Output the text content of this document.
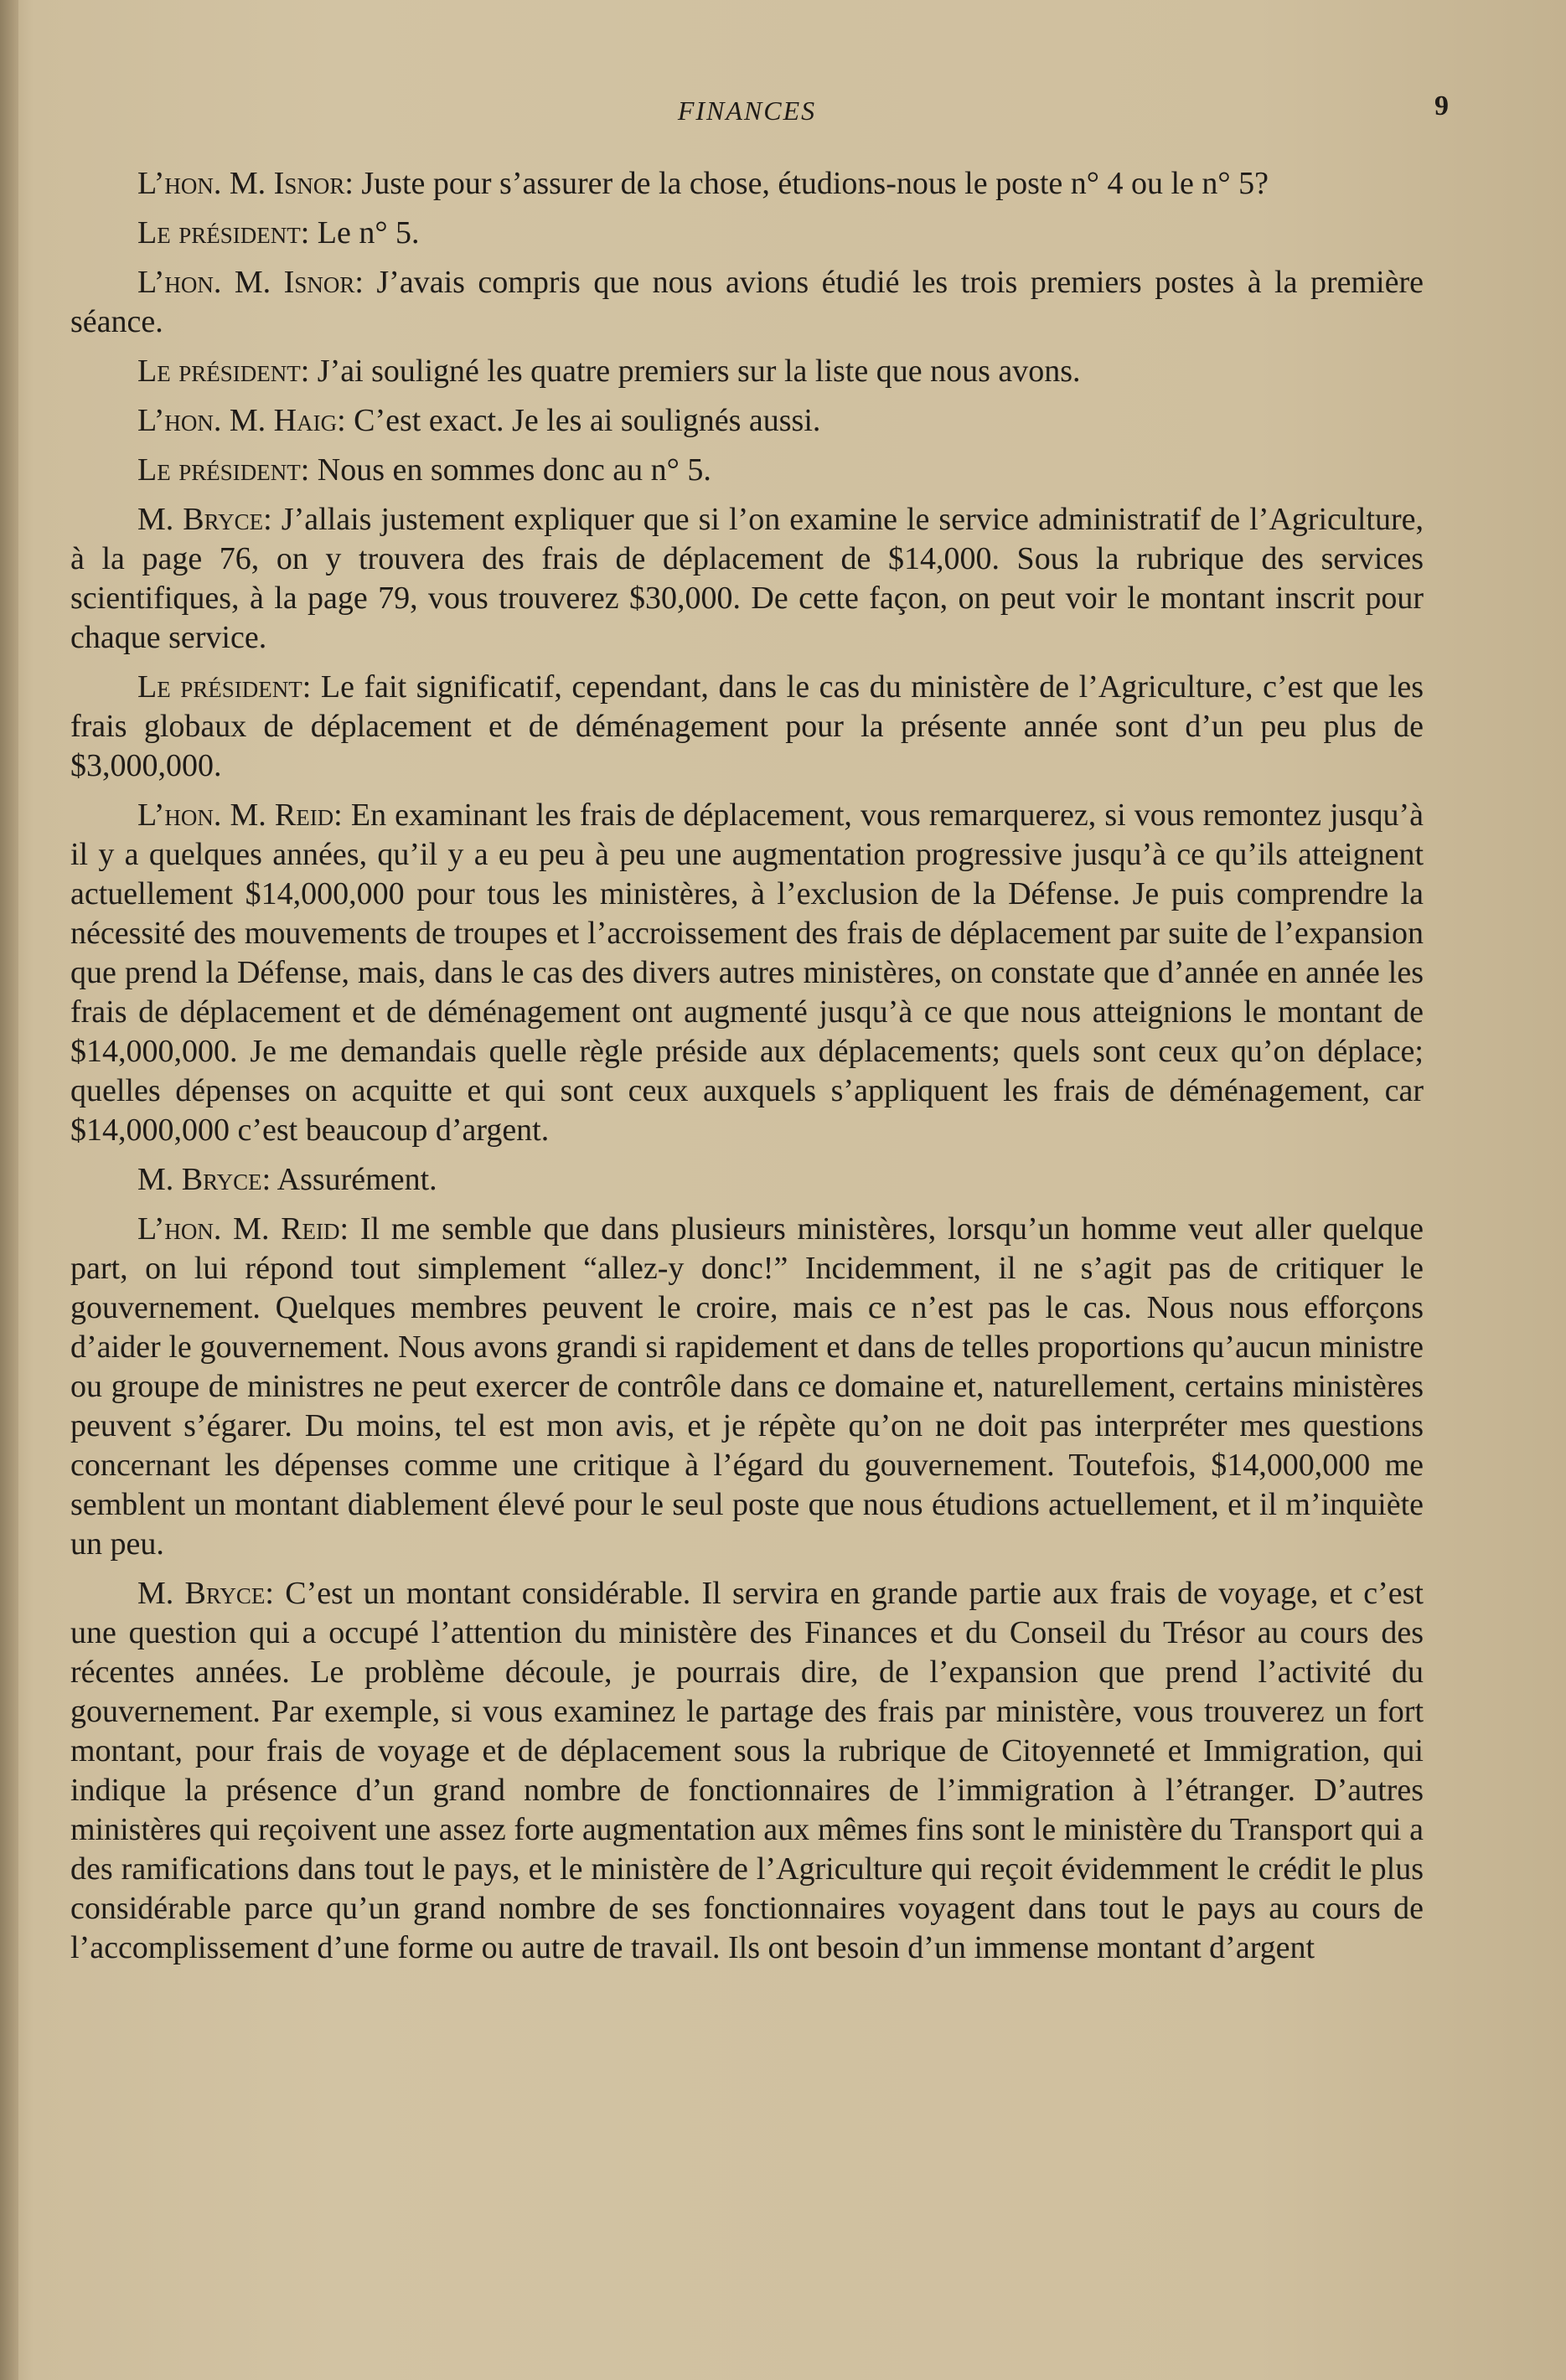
FINANCES	9

L’hon. M. Isnor: Juste pour s’assurer de la chose, étudions-nous le poste n° 4 ou le n° 5?

Le président: Le n° 5.

L’hon. M. Isnor: J’avais compris que nous avions étudié les trois premiers postes à la première séance.

Le président: J’ai souligné les quatre premiers sur la liste que nous avons.

L’hon. M. Haig: C’est exact. Je les ai soulignés aussi.

Le président: Nous en sommes donc au n° 5.

M. Bryce: J’allais justement expliquer que si l’on examine le service administratif de l’Agriculture, à la page 76, on y trouvera des frais de déplacement de $14,000. Sous la rubrique des services scientifiques, à la page 79, vous trouverez $30,000. De cette façon, on peut voir le montant inscrit pour chaque service.

Le président: Le fait significatif, cependant, dans le cas du ministère de l’Agriculture, c’est que les frais globaux de déplacement et de déménagement pour la présente année sont d’un peu plus de $3,000,000.

L’hon. M. Reid: En examinant les frais de déplacement, vous remarquerez, si vous remontez jusqu’à il y a quelques années, qu’il y a eu peu à peu une augmentation progressive jusqu’à ce qu’ils atteignent actuellement $14,000,000 pour tous les ministères, à l’exclusion de la Défense. Je puis comprendre la nécessité des mouvements de troupes et l’accroissement des frais de déplacement par suite de l’expansion que prend la Défense, mais, dans le cas des divers autres ministères, on constate que d’année en année les frais de déplacement et de déménagement ont augmenté jusqu’à ce que nous atteignions le montant de $14,000,000. Je me demandais quelle règle préside aux déplacements; quels sont ceux qu’on déplace; quelles dépenses on acquitte et qui sont ceux auxquels s’appliquent les frais de déménagement, car $14,000,000 c’est beaucoup d’argent.

M. Bryce: Assurément.

L’hon. M. Reid: Il me semble que dans plusieurs ministères, lorsqu’un homme veut aller quelque part, on lui répond tout simplement “allez-y donc!” Incidemment, il ne s’agit pas de critiquer le gouvernement. Quelques membres peuvent le croire, mais ce n’est pas le cas. Nous nous efforçons d’aider le gouvernement. Nous avons grandi si rapidement et dans de telles proportions qu’aucun ministre ou groupe de ministres ne peut exercer de contrôle dans ce domaine et, naturellement, certains ministères peuvent s’égarer. Du moins, tel est mon avis, et je répète qu’on ne doit pas interpréter mes questions concernant les dépenses comme une critique à l’égard du gouvernement. Toutefois, $14,000,000 me semblent un montant diablement élevé pour le seul poste que nous étudions actuellement, et il m’inquiète un peu.

M. Bryce: C’est un montant considérable. Il servira en grande partie aux frais de voyage, et c’est une question qui a occupé l’attention du ministère des Finances et du Conseil du Trésor au cours des récentes années. Le problème découle, je pourrais dire, de l’expansion que prend l’activité du gouvernement. Par exemple, si vous examinez le partage des frais par ministère, vous trouverez un fort montant, pour frais de voyage et de déplacement sous la rubrique de Citoyenneté et Immigration, qui indique la présence d’un grand nombre de fonctionnaires de l’immigration à l’étranger. D’autres ministères qui reçoivent une assez forte augmentation aux mêmes fins sont le ministère du Transport qui a des ramifications dans tout le pays, et le ministère de l’Agriculture qui reçoit évidemment le crédit le plus considérable parce qu’un grand nombre de ses fonctionnaires voyagent dans tout le pays au cours de l’accomplissement d’une forme ou autre de travail. Ils ont besoin d’un immense montant d’argent
